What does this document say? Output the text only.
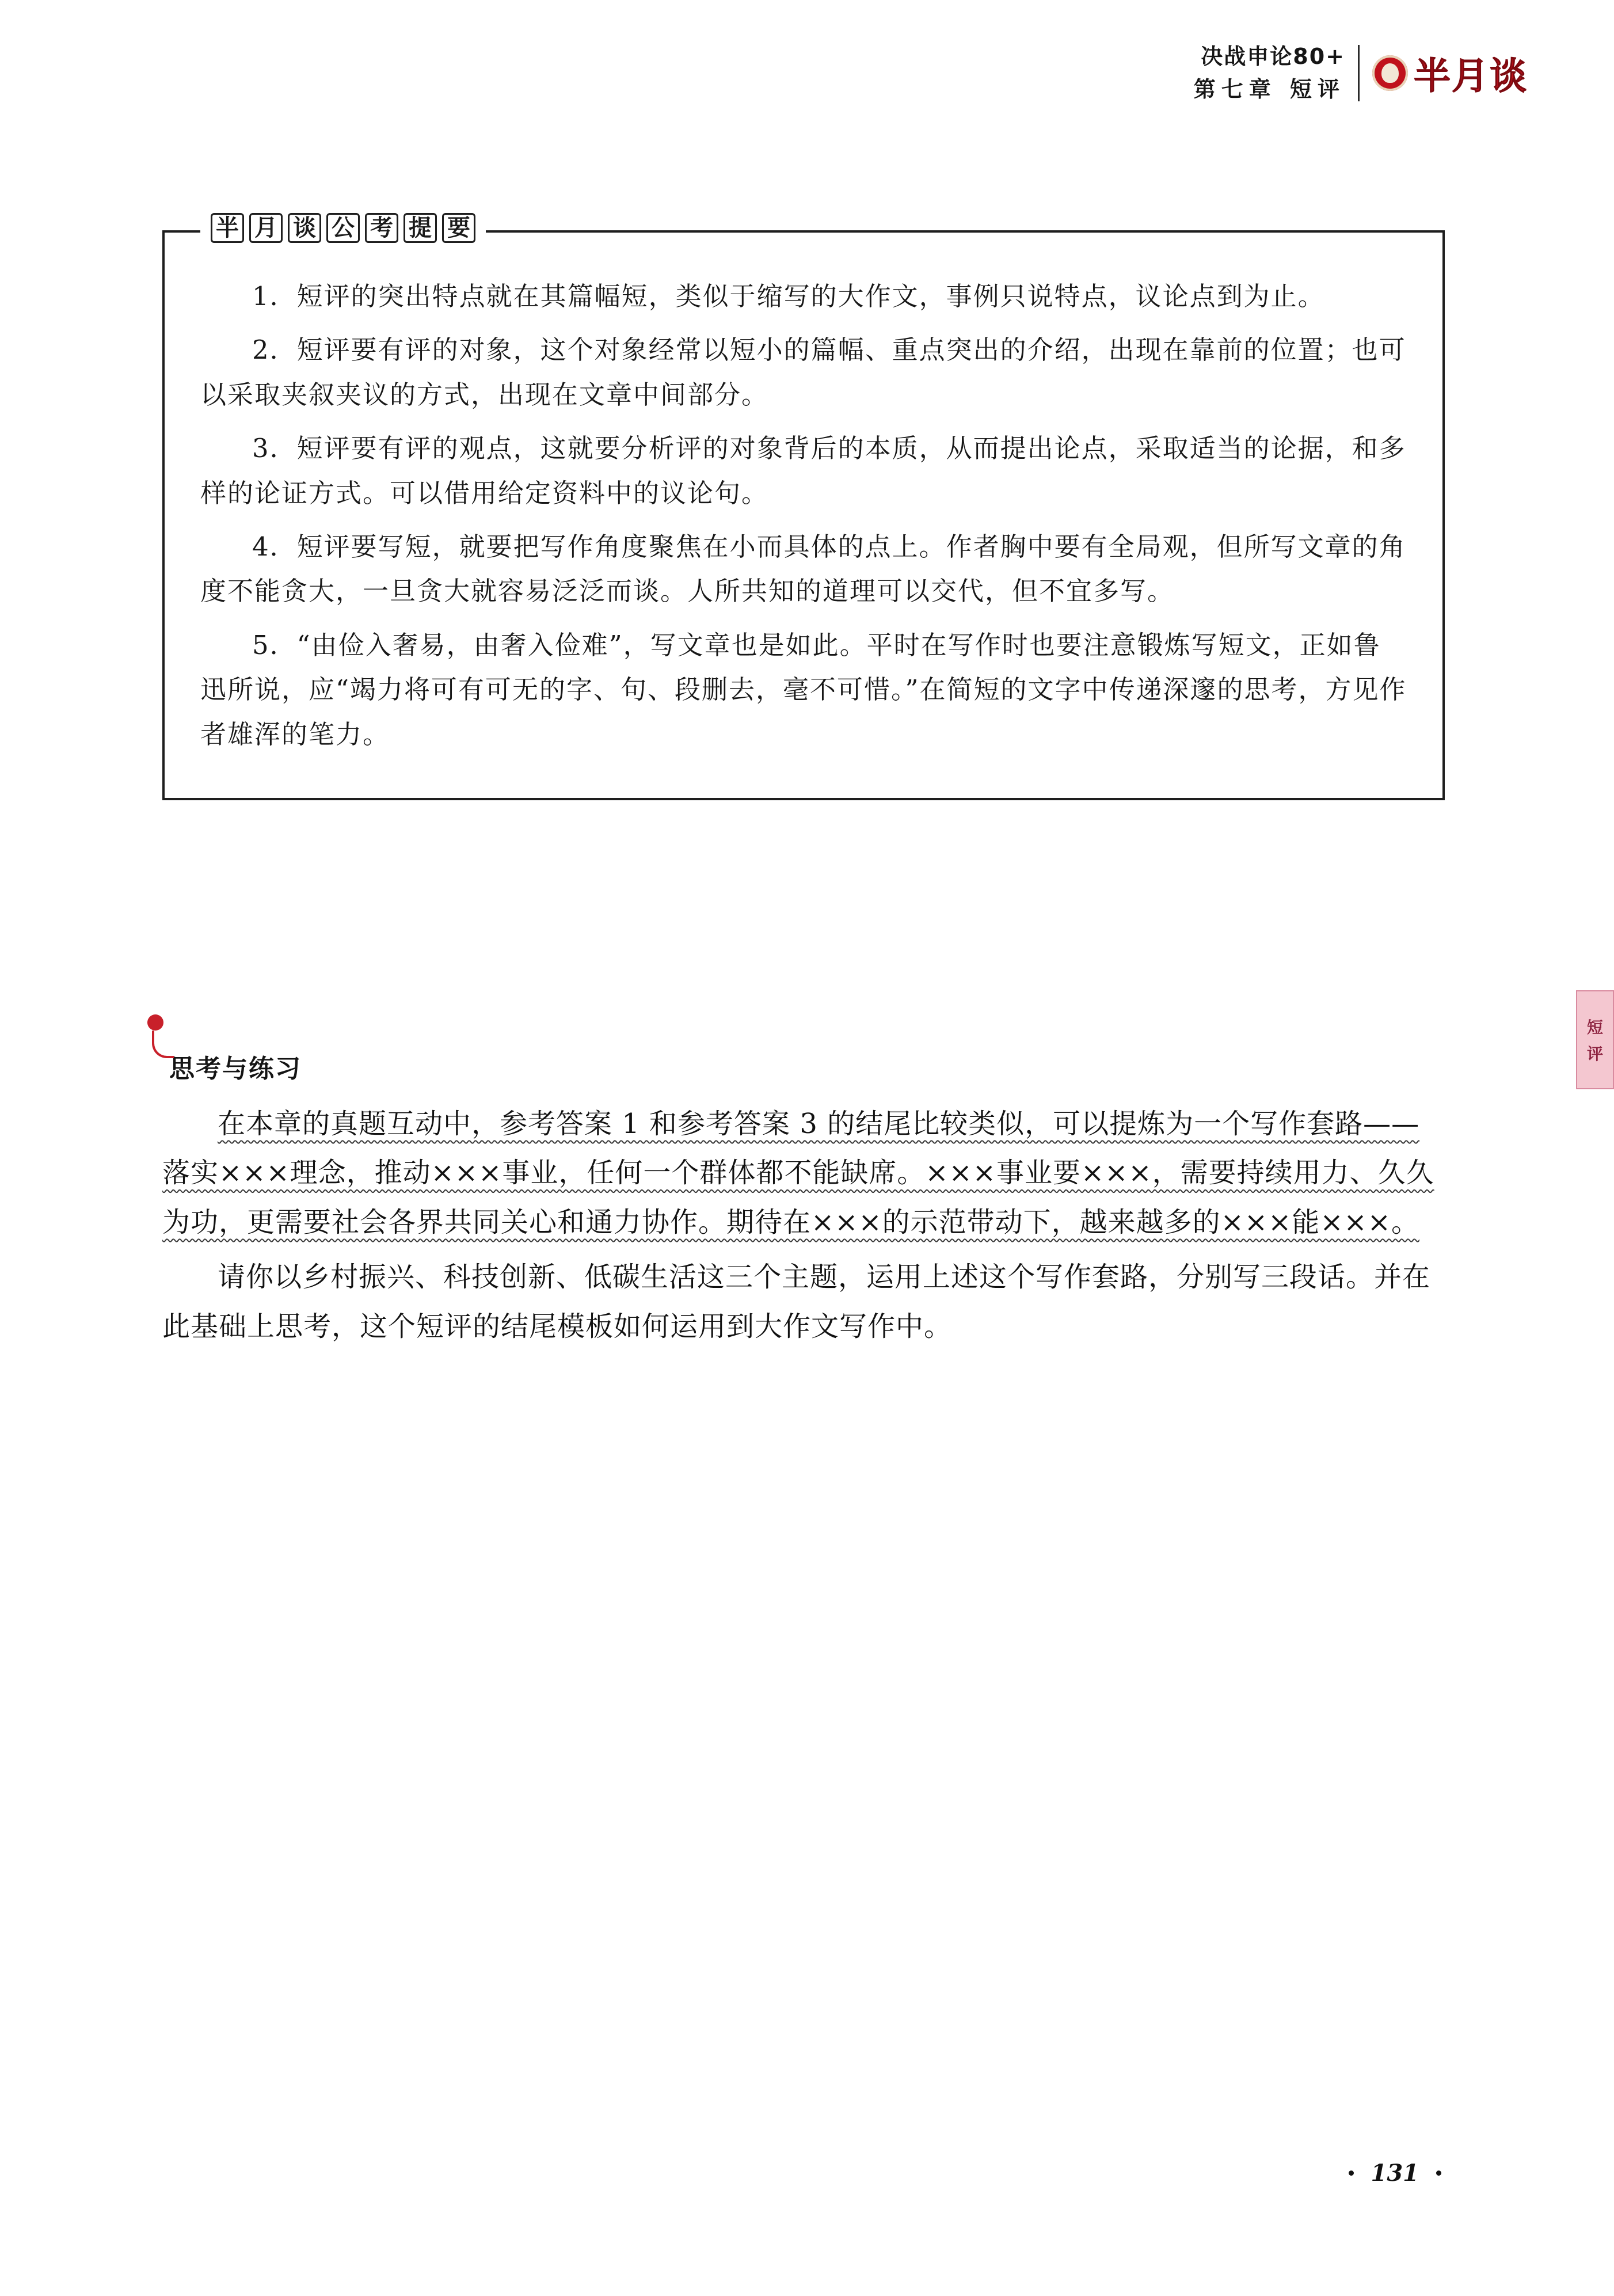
决战申论80+
第七章 短评 半月谈
半 月 谈 公 考 提 要

1．短评的突出特点就在其篇幅短，类似于缩写的大作文，事例只说特点，议论点到为止。

2．短评要有评的对象，这个对象经常以短小的篇幅、重点突出的介绍，出现在靠前的位置；也可以采取夹叙夹议的方式，出现在文章中间部分。

3．短评要有评的观点，这就要分析评的对象背后的本质，从而提出论点，采取适当的论据，和多样的论证方式。可以借用给定资料中的议论句。

4．短评要写短，就要把写作角度聚焦在小而具体的点上。作者胸中要有全局观，但所写文章的角度不能贪大，一旦贪大就容易泛泛而谈。人所共知的道理可以交代，但不宜多写。

5．“由俭入奢易，由奢入俭难”，写文章也是如此。平时在写作时也要注意锻炼写短文，正如鲁迅所说，应“竭力将可有可无的字、句、段删去，毫不可惜。”在简短的文字中传递深邃的思考，方见作者雄浑的笔力。

短
评
思考与练习

在本章的真题互动中，参考答案 1 和参考答案 3 的结尾比较类似，可以提炼为一个写作套路——落实×××理念，推动×××事业，任何一个群体都不能缺席。×××事业要×××，需要持续用力、久久为功，更需要社会各界共同关心和通力协作。期待在×××的示范带动下，越来越多的×××能×××。

请你以乡村振兴、科技创新、低碳生活这三个主题，运用上述这个写作套路，分别写三段话。并在此基础上思考，这个短评的结尾模板如何运用到大作文写作中。

131
